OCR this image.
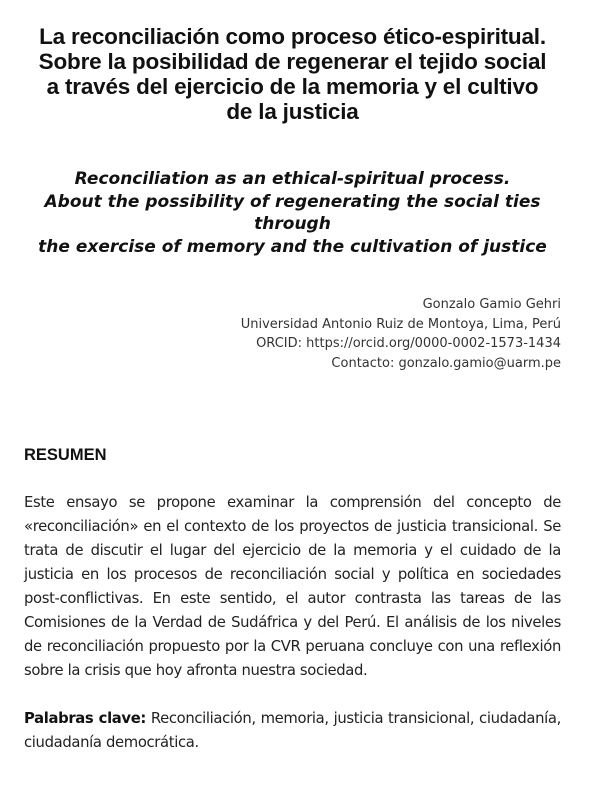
La reconciliación como proceso ético-espiritual.
Sobre la posibilidad de regenerar el tejido social
a través del ejercicio de la memoria y el cultivo
de la justicia
Reconciliation as an ethical-spiritual process.
About the possibility of regenerating the social ties through
the exercise of memory and the cultivation of justice
Gonzalo Gamio Gehri
Universidad Antonio Ruiz de Montoya, Lima, Perú
ORCID: https://orcid.org/0000-0002-1573-1434
Contacto: gonzalo.gamio@uarm.pe
RESUMEN

Este ensayo se propone examinar la comprensión del concepto de «reconciliación» en el contexto de los proyectos de justicia transicional. Se trata de discutir el lugar del ejercicio de la memoria y el cuidado de la justicia en los procesos de reconciliación social y política en sociedades post-conflictivas. En este sentido, el autor contrasta las tareas de las Comisiones de la Verdad de Sudáfrica y del Perú. El análisis de los niveles de reconciliación propuesto por la CVR peruana concluye con una reflexión sobre la crisis que hoy afronta nuestra sociedad.

Palabras clave: Reconciliación, memoria, justicia transicional, ciudadanía, ciudadanía democrática.
